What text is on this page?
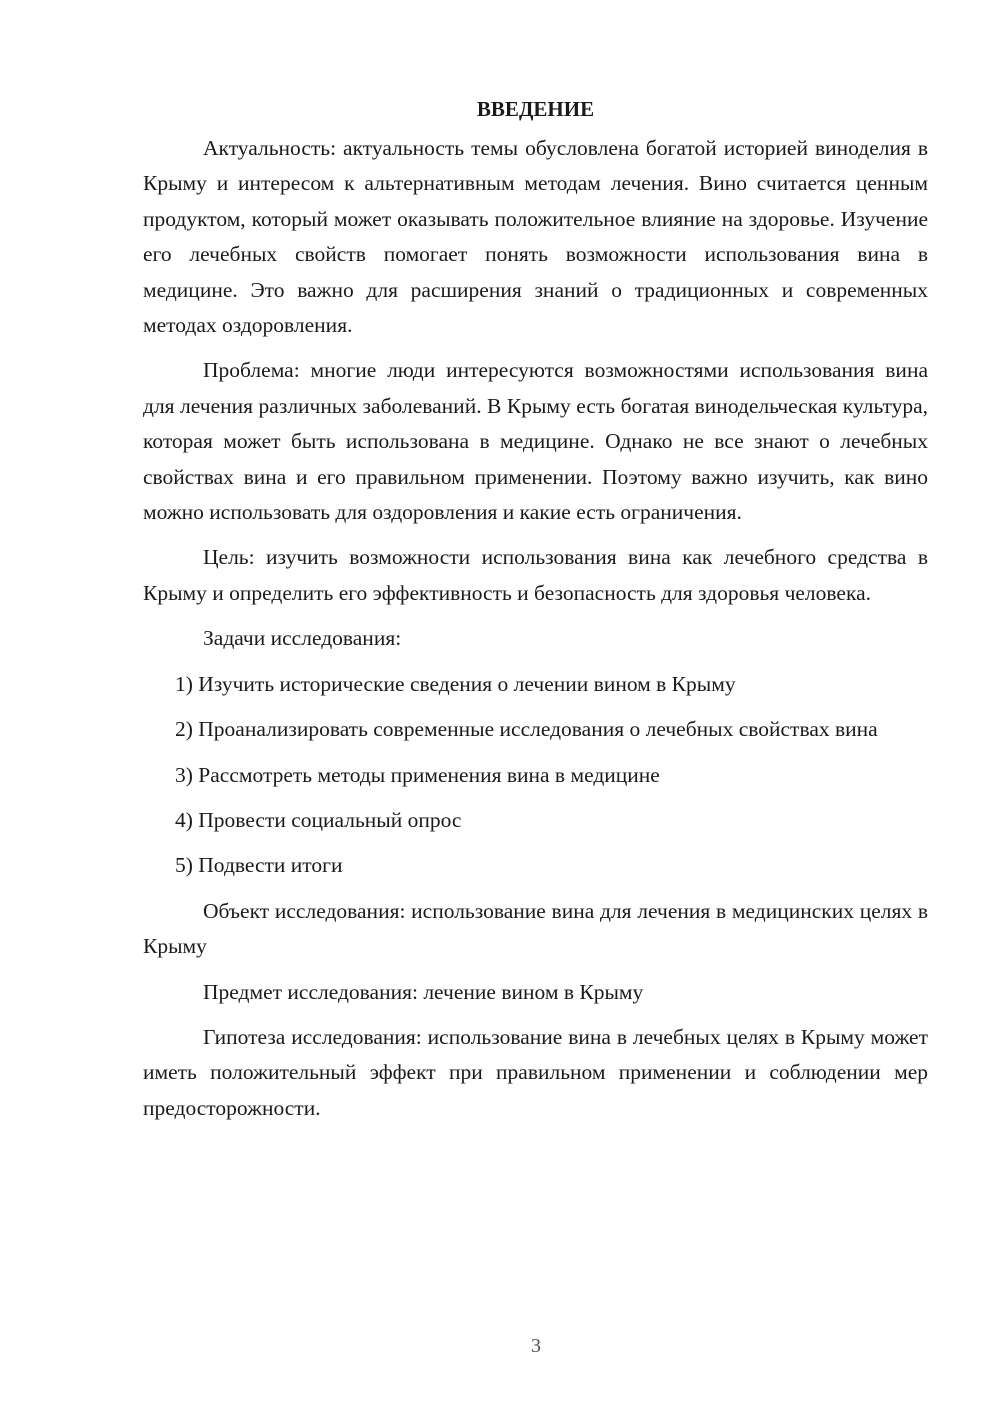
ВВЕДЕНИЕ

Актуальность: актуальность темы обусловлена богатой историей виноделия в Крыму и интересом к альтернативным методам лечения. Вино считается ценным продуктом, который может оказывать положительное влияние на здоровье. Изучение его лечебных свойств помогает понять возможности использования вина в медицине. Это важно для расширения знаний о традиционных и современных методах оздоровления.

Проблема: многие люди интересуются возможностями использования вина для лечения различных заболеваний. В Крыму есть богатая винодельческая культура, которая может быть использована в медицине. Однако не все знают о лечебных свойствах вина и его правильном применении. Поэтому важно изучить, как вино можно использовать для оздоровления и какие есть ограничения.

Цель: изучить возможности использования вина как лечебного средства в Крыму и определить его эффективность и безопасность для здоровья человека.

Задачи исследования:

1) Изучить исторические сведения о лечении вином в Крыму

2) Проанализировать современные исследования о лечебных свойствах вина

3) Рассмотреть методы применения вина в медицине

4) Провести социальный опрос

5) Подвести итоги

Объект исследования: использование вина для лечения в медицинских целях в Крыму

Предмет исследования: лечение вином в Крыму

Гипотеза исследования: использование вина в лечебных целях в Крыму может иметь положительный эффект при правильном применении и соблюдении мер предосторожности.

3
